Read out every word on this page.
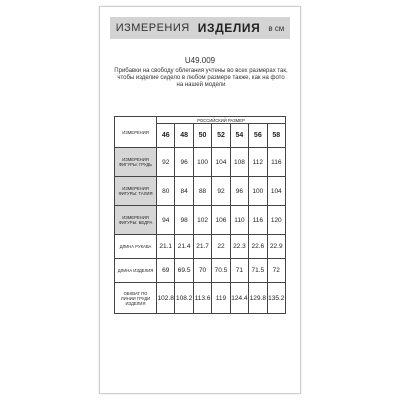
ИЗМЕРЕНИЯ ИЗДЕЛИЯ в см
U49.009
Прибавки на свободу облегания учтены во всех размерах так, чтобы изделие сидело в любом размере также, как на фото на нашей модели
ИЗМЕРЕНИЯ	РОССИЙСКИЙ РАЗМЕР						
	46	48	50	52	54	56	58
ИЗМЕРЕНИЯ ФИГУРЫ: ГРУДЬ	92	96	100	104	108	112	116
ИЗМЕРЕНИЯ ФИГУРЫ: ТАЛИЯ	80	84	88	92	96	100	104
ИЗМЕРЕНИЯ ФИГУРЫ: БЕДРА	94	98	102	106	110	116	120
ДЛИНА РУКАВА	21.1	21.4	21.7	22	22.3	22.6	22.9
ДЛИНА ИЗДЕЛИЯ	69	69.5	70	70.5	71	71.5	72
ОБХВАТ ПО ЛИНИИ ГРУДИ ИЗДЕЛИЯ	102.8	108.2	113.6	119	124.4	129.8	135.2
